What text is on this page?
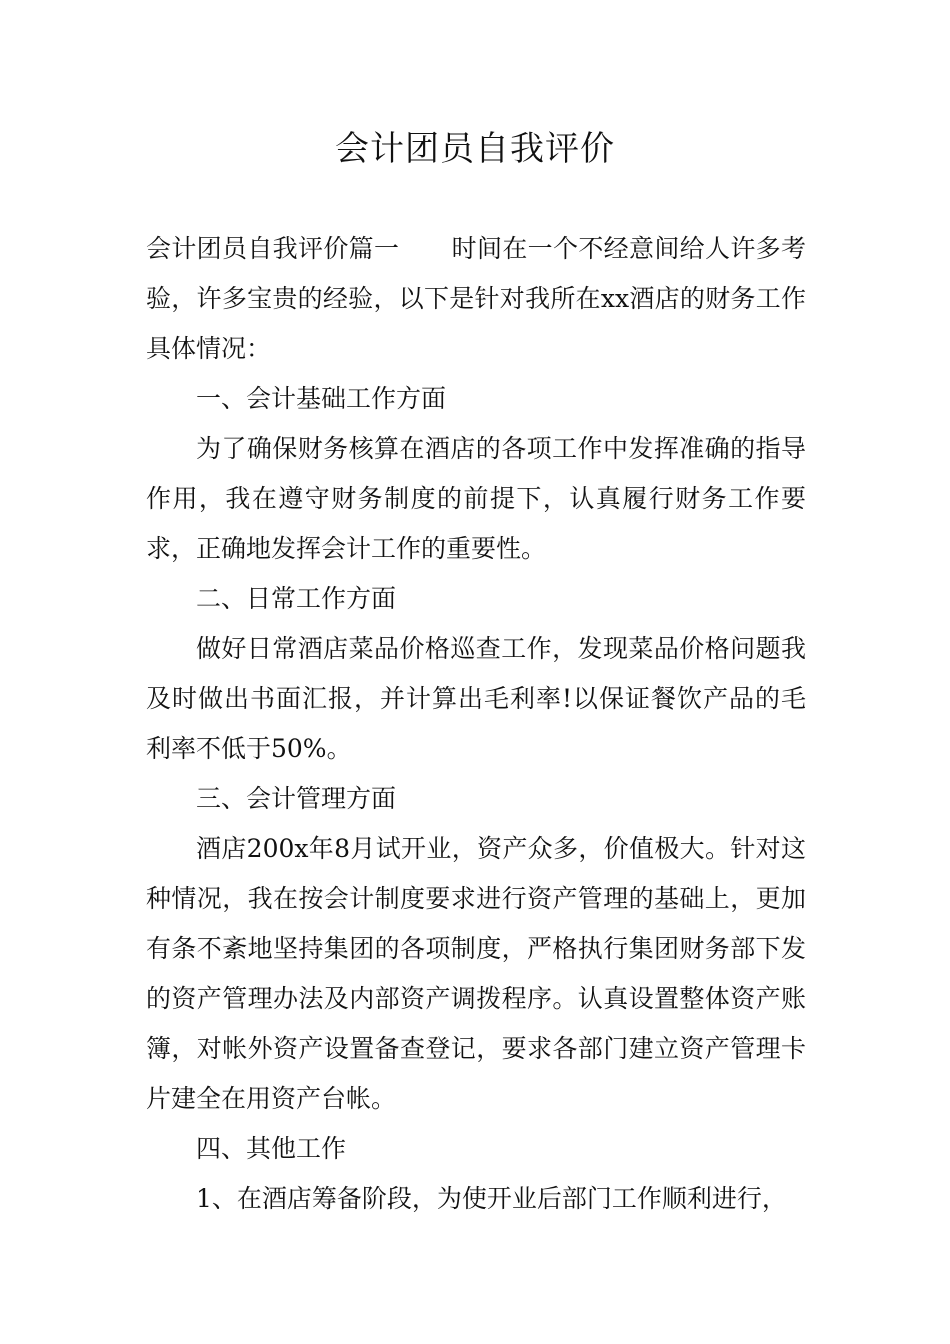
会计团员自我评价

会计团员自我评价篇一 时间在一个不经意间给人许多考验，许多宝贵的经验，以下是针对我所在xx酒店的财务工作具体情况：

一、会计基础工作方面

为了确保财务核算在酒店的各项工作中发挥准确的指导作用，我在遵守财务制度的前提下，认真履行财务工作要求，正确地发挥会计工作的重要性。

二、日常工作方面

做好日常酒店菜品价格巡查工作，发现菜品价格问题我及时做出书面汇报，并计算出毛利率!以保证餐饮产品的毛利率不低于50%。

三、会计管理方面

酒店200x年8月试开业，资产众多，价值极大。针对这种情况，我在按会计制度要求进行资产管理的基础上，更加有条不紊地坚持集团的各项制度，严格执行集团财务部下发的资产管理办法及内部资产调拨程序。认真设置整体资产账簿，对帐外资产设置备查登记，要求各部门建立资产管理卡片建全在用资产台帐。

四、其他工作

1、在酒店筹备阶段，为使开业后部门工作顺利进行，
